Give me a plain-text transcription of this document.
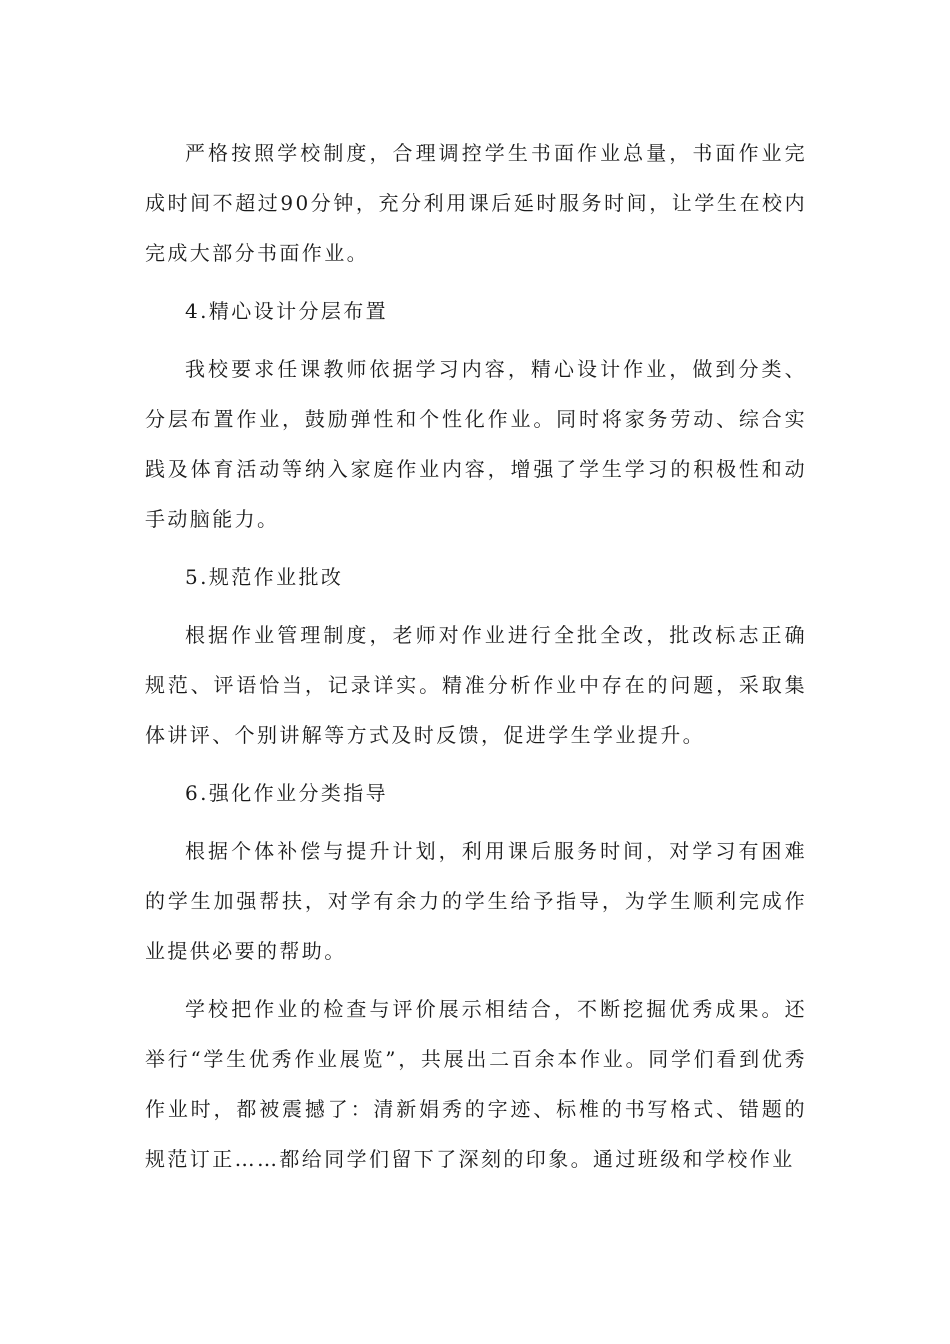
严格按照学校制度，合理调控学生书面作业总量，书面作业完成时间不超过90分钟，充分利用课后延时服务时间，让学生在校内完成大部分书面作业。

4.精心设计分层布置

我校要求任课教师依据学习内容，精心设计作业，做到分类、分层布置作业，鼓励弹性和个性化作业。同时将家务劳动、综合实践及体育活动等纳入家庭作业内容，增强了学生学习的积极性和动手动脑能力。

5.规范作业批改

根据作业管理制度，老师对作业进行全批全改，批改标志正确规范、评语恰当，记录详实。精准分析作业中存在的问题，采取集体讲评、个别讲解等方式及时反馈，促进学生学业提升。

6.强化作业分类指导

根据个体补偿与提升计划，利用课后服务时间，对学习有困难的学生加强帮扶，对学有余力的学生给予指导，为学生顺利完成作业提供必要的帮助。

学校把作业的检查与评价展示相结合，不断挖掘优秀成果。还举行“学生优秀作业展览”，共展出二百余本作业。同学们看到优秀作业时，都被震撼了：清新娟秀的字迹、标椎的书写格式、错题的规范订正……都给同学们留下了深刻的印象。通过班级和学校作业
